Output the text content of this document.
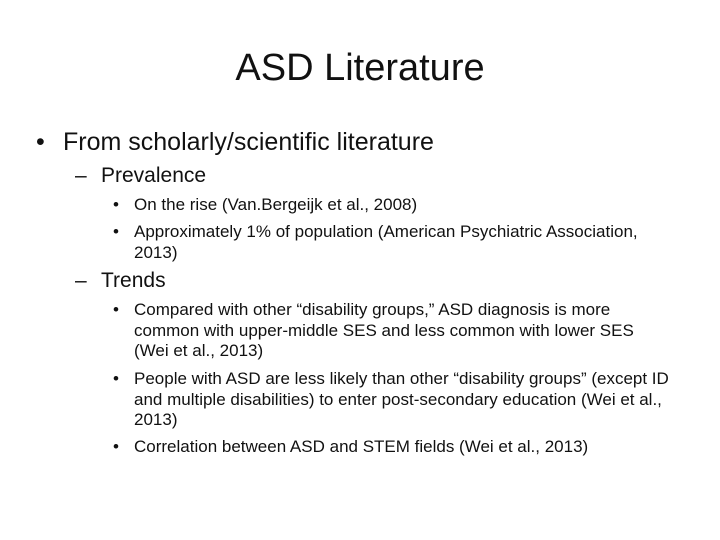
ASD Literature
• From scholarly/scientific literature
– Prevalence
• On the rise (Van.Bergeijk et al., 2008)
• Approximately 1% of population (American Psychiatric Association, 2013)
– Trends
• Compared with other “disability groups,” ASD diagnosis is more common with upper-middle SES and less common with lower SES (Wei et al., 2013)
• People with ASD are less likely than other “disability groups” (except ID and multiple disabilities) to enter post-secondary education (Wei et al., 2013)
• Correlation between ASD and STEM fields (Wei et al., 2013)
